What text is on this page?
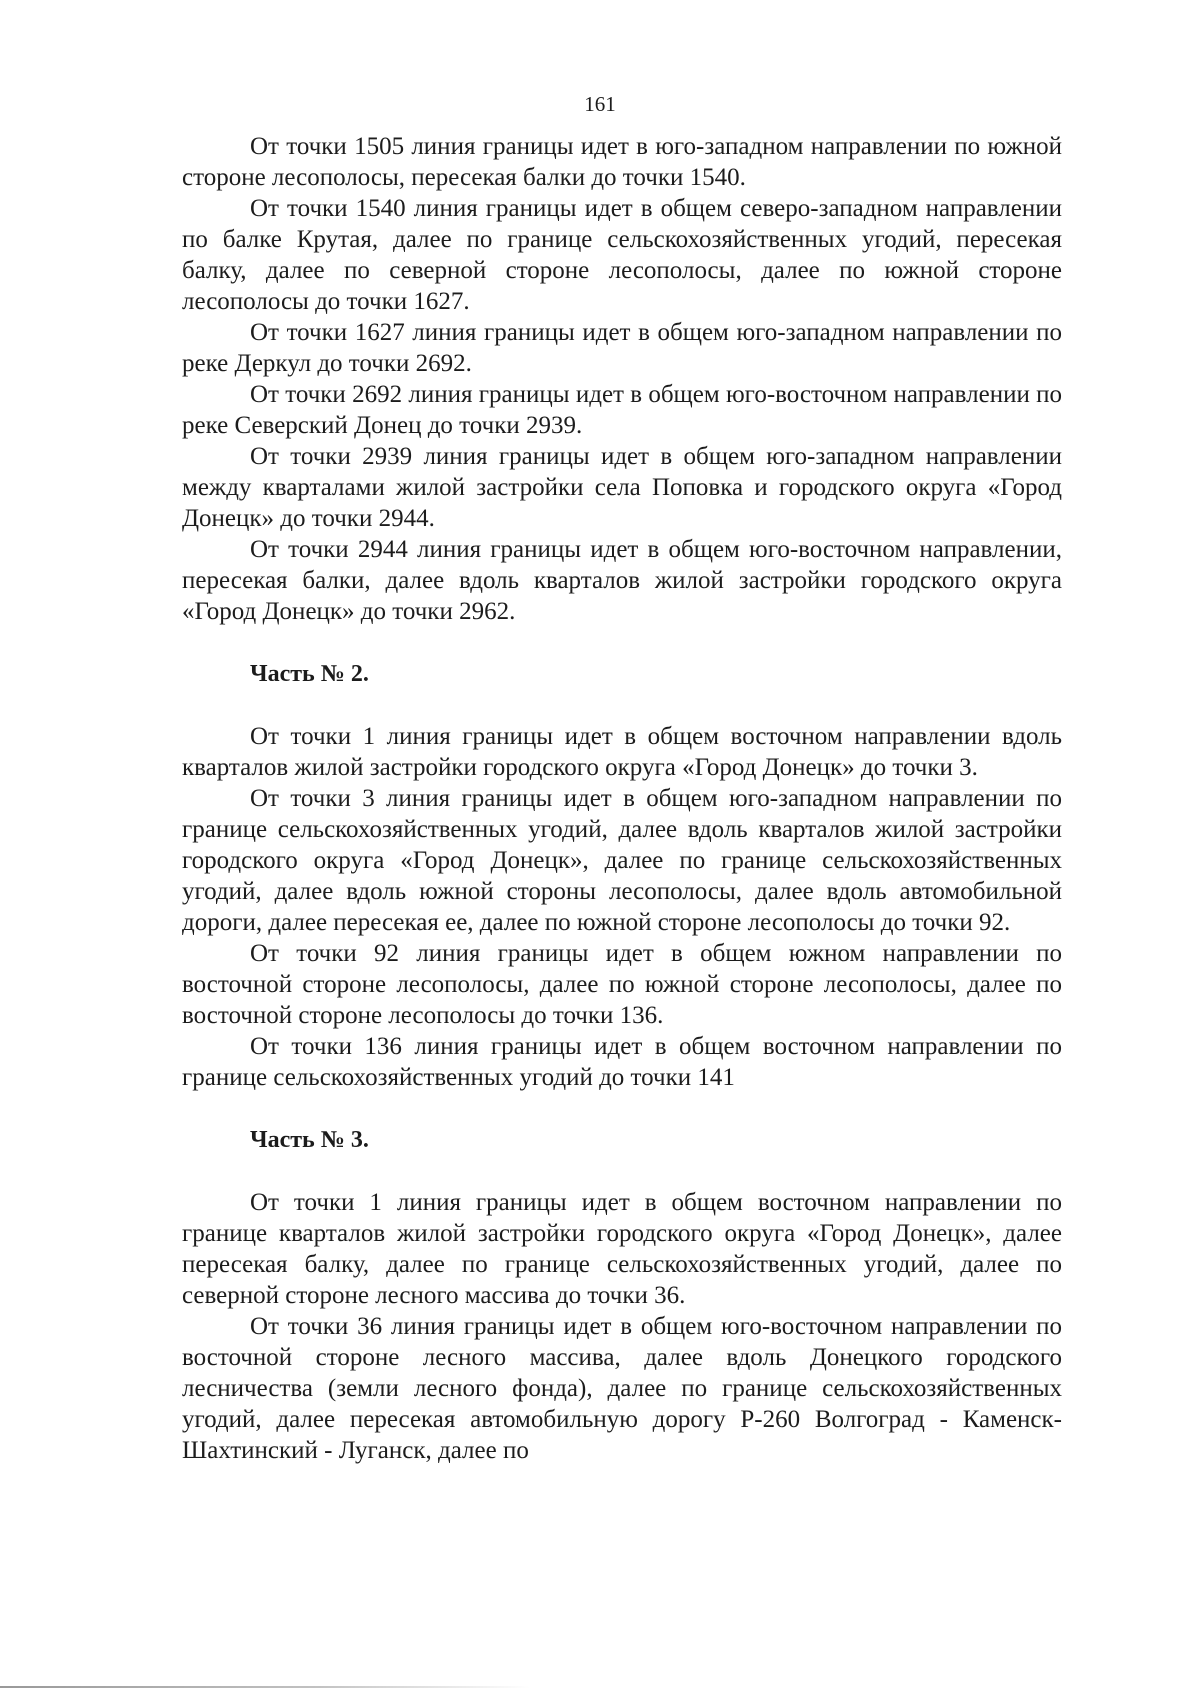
161

От точки 1505 линия границы идет в юго-западном направлении по южной стороне лесополосы, пересекая балки до точки 1540.

От точки 1540 линия границы идет в общем северо-западном направлении по балке Крутая, далее по границе сельскохозяйственных угодий, пересекая балку, далее по северной стороне лесополосы, далее по южной стороне лесополосы до точки 1627.

От точки 1627 линия границы идет в общем юго-западном направлении по реке Деркул до точки 2692.

От точки 2692 линия границы идет в общем юго-восточном направлении по реке Северский Донец до точки 2939.

От точки 2939 линия границы идет в общем юго-западном направлении между кварталами жилой застройки села Поповка и городского округа «Город Донецк» до точки 2944.

От точки 2944 линия границы идет в общем юго-восточном направлении, пересекая балки, далее вдоль кварталов жилой застройки городского округа «Город Донецк» до точки 2962.

Часть № 2.

От точки 1 линия границы идет в общем восточном направлении вдоль кварталов жилой застройки городского округа «Город Донецк» до точки 3.

От точки 3 линия границы идет в общем юго-западном направлении по границе сельскохозяйственных угодий, далее вдоль кварталов жилой застройки городского округа «Город Донецк», далее по границе сельскохозяйственных угодий, далее вдоль южной стороны лесополосы, далее вдоль автомобильной дороги, далее пересекая ее, далее по южной стороне лесополосы до точки 92.

От точки 92 линия границы идет в общем южном направлении по восточной стороне лесополосы, далее по южной стороне лесополосы, далее по восточной стороне лесополосы до точки 136.

От точки 136 линия границы идет в общем восточном направлении по границе сельскохозяйственных угодий до точки 141

Часть № 3.

От точки 1 линия границы идет в общем восточном направлении по границе кварталов жилой застройки городского округа «Город Донецк», далее пересекая балку, далее по границе сельскохозяйственных угодий, далее по северной стороне лесного массива до точки 36.

От точки 36 линия границы идет в общем юго-восточном направлении по восточной стороне лесного массива, далее вдоль Донецкого городского лесничества (земли лесного фонда), далее по границе сельскохозяйственных угодий, далее пересекая автомобильную дорогу Р-260 Волгоград - Каменск-Шахтинский - Луганск, далее по
